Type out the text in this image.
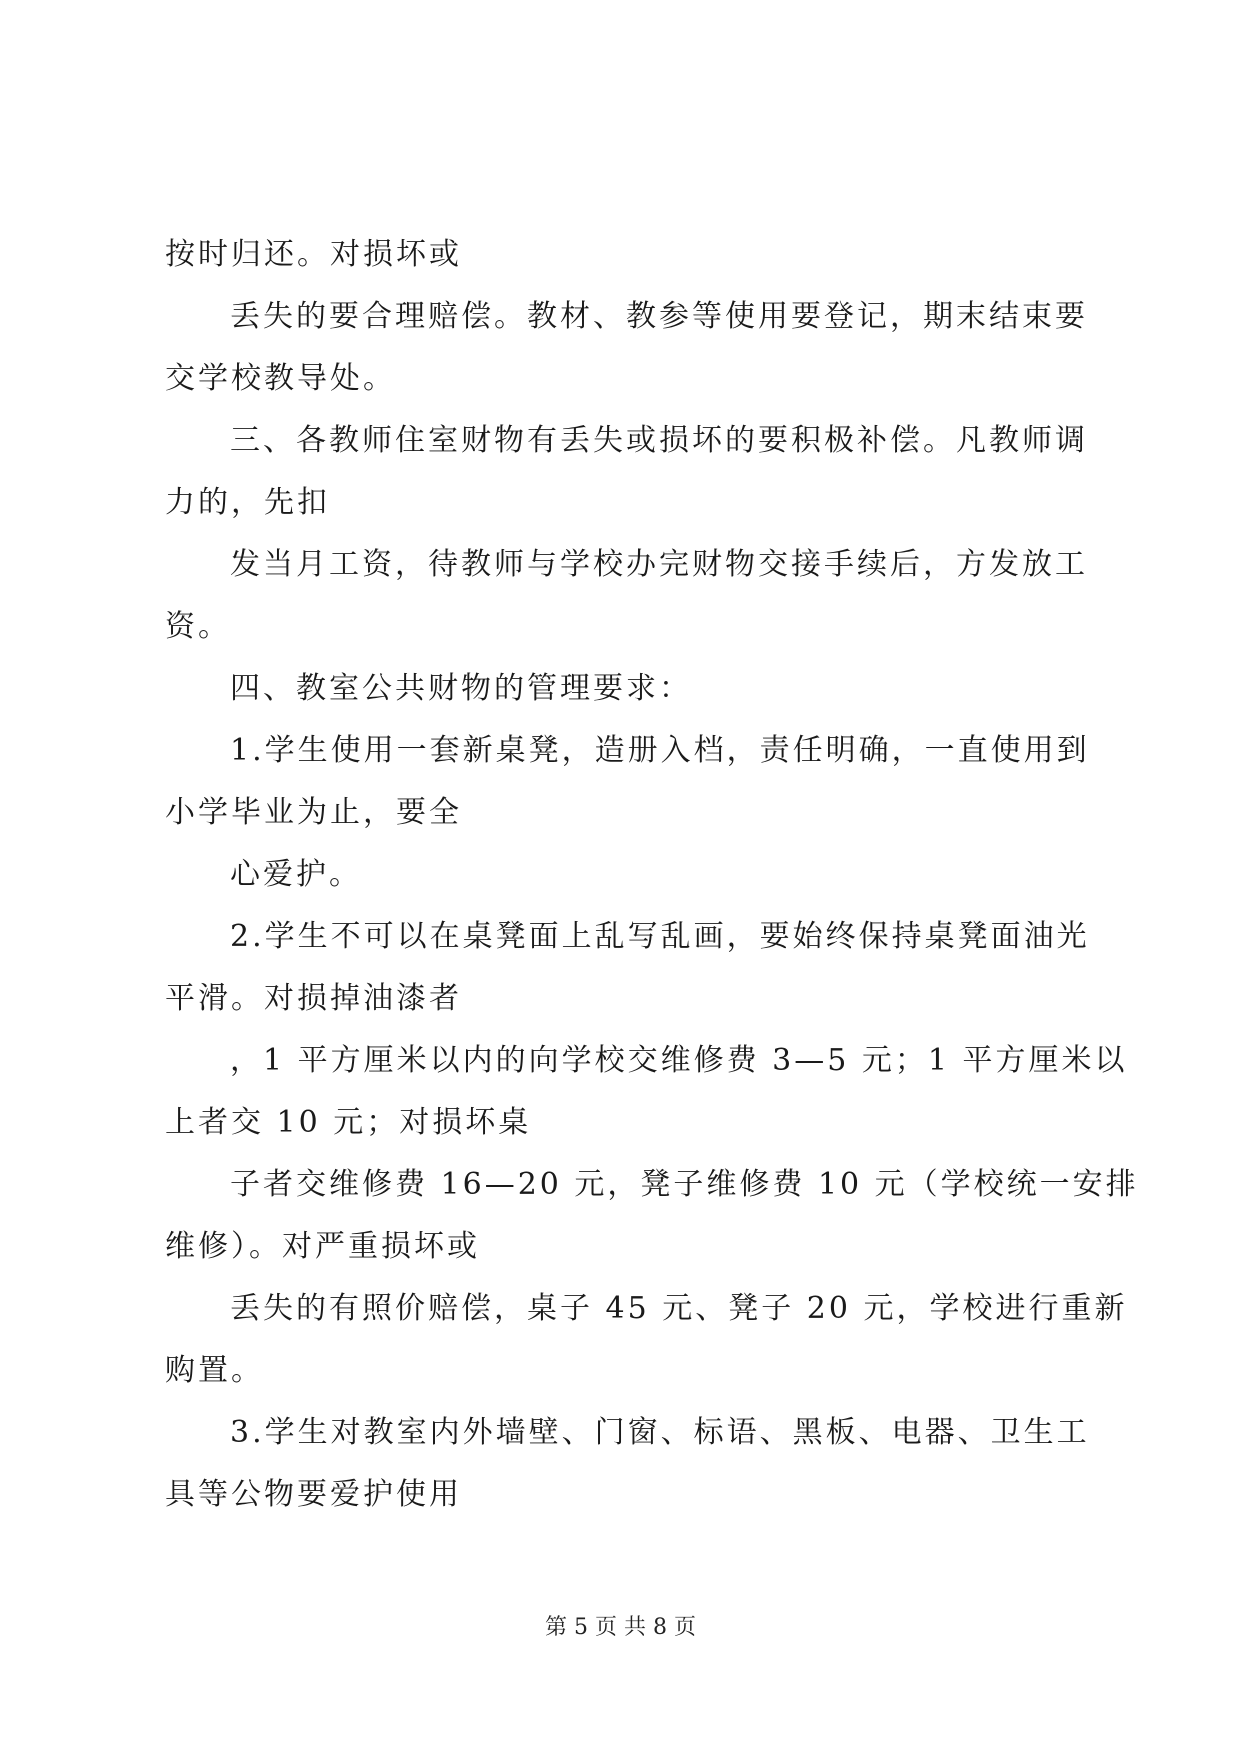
按时归还。对损坏或
丢失的要合理赔偿。教材、教参等使用要登记，期末结束要
交学校教导处。
三、各教师住室财物有丢失或损坏的要积极补偿。凡教师调
力的，先扣
发当月工资，待教师与学校办完财物交接手续后，方发放工
资。
四、教室公共财物的管理要求：
1.学生使用一套新桌凳，造册入档，责任明确，一直使用到
小学毕业为止，要全
心爱护。
2.学生不可以在桌凳面上乱写乱画，要始终保持桌凳面油光
平滑。对损掉油漆者
，1 平方厘米以内的向学校交维修费 3—5 元；1 平方厘米以
上者交 10 元；对损坏桌
子者交维修费 16—20 元，凳子维修费 10 元（学校统一安排
维修）。对严重损坏或
丢失的有照价赔偿，桌子 45 元、凳子 20 元，学校进行重新
购置。
3.学生对教室内外墙壁、门窗、标语、黑板、电器、卫生工
具等公物要爱护使用
第 5 页 共 8 页
